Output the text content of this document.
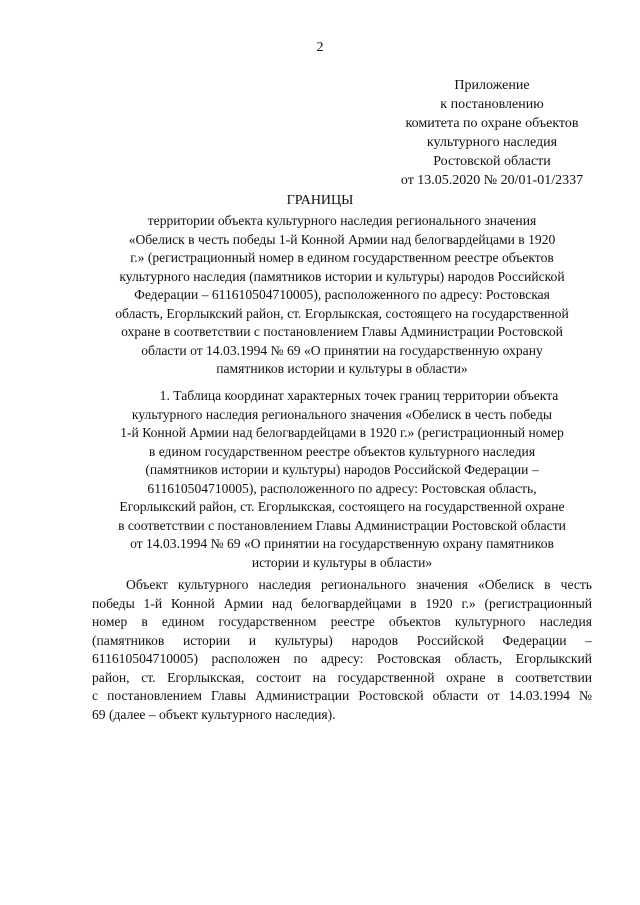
2
Приложение
к постановлению
комитета по охране объектов
культурного наследия
Ростовской области
от 13.05.2020 № 20/01-01/2337
ГРАНИЦЫ
территории объекта культурного наследия регионального значения
«Обелиск в честь победы 1-й Конной Армии над белогвардейцами в 1920
г.» (регистрационный номер в едином государственном реестре объектов
культурного наследия (памятников истории и культуры) народов Российской
Федерации – 611610504710005), расположенного по адресу: Ростовская
область, Егорлыкский район, ст. Егорлыкская, состоящего на государственной
охране в соответствии с постановлением Главы Администрации Ростовской
области от 14.03.1994 № 69 «О принятии на государственную охрану
памятников истории и культуры в области»
1. Таблица координат характерных точек границ территории объекта
культурного наследия регионального значения «Обелиск в честь победы
1-й Конной Армии над белогвардейцами в 1920 г.» (регистрационный номер
в едином государственном реестре объектов культурного наследия
(памятников истории и культуры) народов Российской Федерации –
611610504710005), расположенного по адресу: Ростовская область,
Егорлыкский район, ст. Егорлыкская, состоящего на государственной охране
в соответствии с постановлением Главы Администрации Ростовской области
от 14.03.1994 № 69 «О принятии на государственную охрану памятников
истории и культуры в области»
Объект культурного наследия регионального значения «Обелиск в честь
победы 1-й Конной Армии над белогвардейцами в 1920 г.» (регистрационный
номер в едином государственном реестре объектов культурного наследия
(памятников истории и культуры) народов Российской Федерации –
611610504710005) расположен по адресу: Ростовская область, Егорлыкский
район, ст. Егорлыкская, состоит на государственной охране в соответствии
с постановлением Главы Администрации Ростовской области от 14.03.1994 №
69 (далее – объект культурного наследия).
